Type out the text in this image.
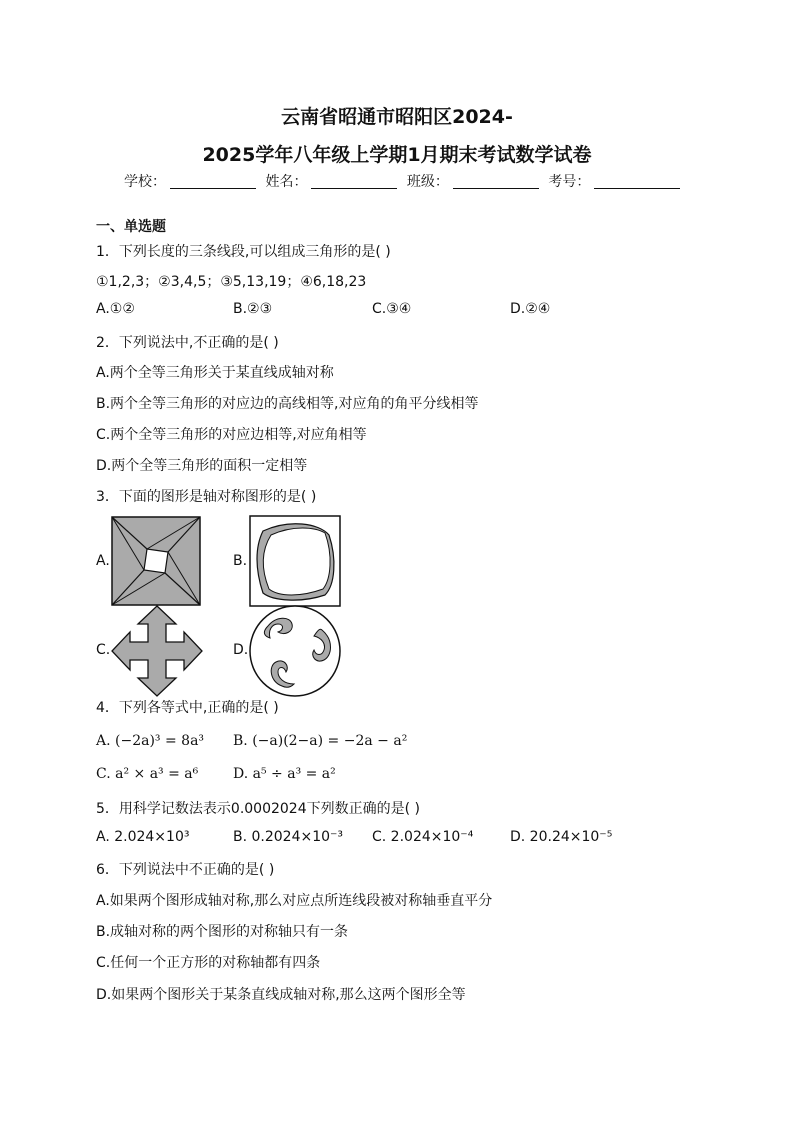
云南省昭通市昭阳区2024-
2025学年八年级上学期1月期末考试数学试卷
学校：	姓名：	班级：	考号：
一、单选题
1．下列长度的三条线段,可以组成三角形的是( )
①1,2,3；②3,4,5；③5,13,19；④6,18,23
A.①②	B.②③	C.③④	D.②④
2．下列说法中,不正确的是( )
A.两个全等三角形关于某直线成轴对称
B.两个全等三角形的对应边的高线相等,对应角的角平分线相等
C.两个全等三角形的对应边相等,对应角相等
D.两个全等三角形的面积一定相等
3．下面的图形是轴对称图形的是( )
A.	B.
C.	D.
4．下列各等式中,正确的是( )
A. (−2a)³ = 8a³ B. (−a)(2−a) = −2a − a²
C. a² × a³ = a⁶ D. a⁵ ÷ a³ = a²
5．用科学记数法表示0.0002024下列数正确的是( )
A. 2.024×10³	B. 0.2024×10⁻³ C. 2.024×10⁻⁴	D. 20.24×10⁻⁵
6．下列说法中不正确的是( )
A.如果两个图形成轴对称,那么对应点所连线段被对称轴垂直平分
B.成轴对称的两个图形的对称轴只有一条
C.任何一个正方形的对称轴都有四条
D.如果两个图形关于某条直线成轴对称,那么这两个图形全等
